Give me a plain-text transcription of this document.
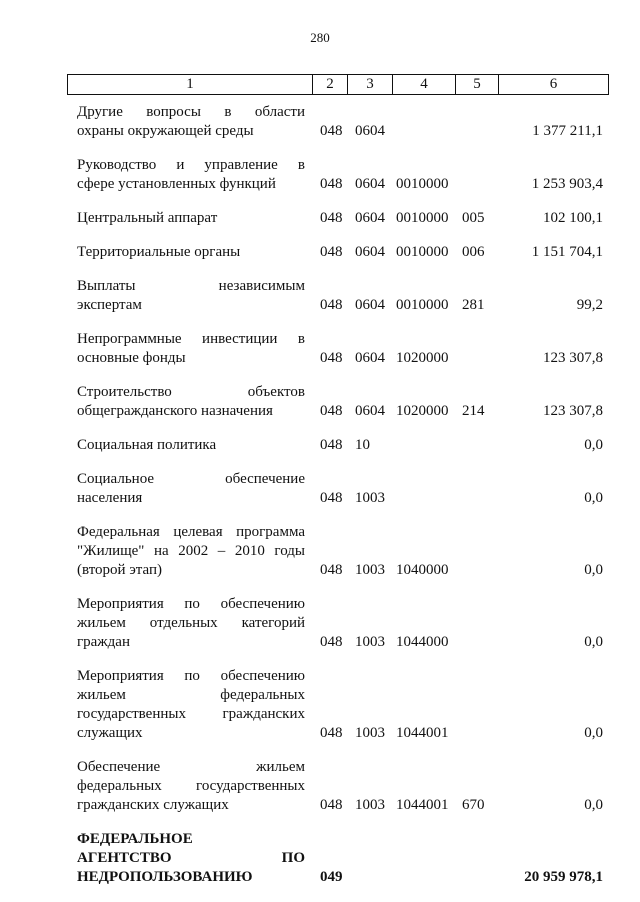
280
1	2	3	4	5	6
Другие вопросы в области
охраны окружающей среды	048 0604	1 377 211,1
Руководство и управление в
сфере установленных функций	048 0604 0010000	1 253 903,4
Центральный аппарат	048 0604 0010000 005	102 100,1
Территориальные органы	048 0604 0010000 006	1 151 704,1
Выплаты независимым
экспертам	048 0604 0010000 281	99,2
Непрограммные инвестиции в
основные фонды	048 0604 1020000	123 307,8
Строительство объектов
общегражданского назначения	048 0604 1020000 214	123 307,8
Социальная политика	048 10	0,0
Социальное обеспечение
населения	048 1003	0,0
Федеральная целевая программа
"Жилище" на 2002 – 2010 годы
(второй этап)	048 1003 1040000	0,0
Мероприятия по обеспечению
жильем отдельных категорий
граждан	048 1003 1044000	0,0
Мероприятия по обеспечению
жильем федеральных
государственных гражданских
служащих	048 1003 1044001	0,0
Обеспечение жильем
федеральных государственных
гражданских служащих	048 1003 1044001 670	0,0
ФЕДЕРАЛЬНОЕ
АГЕНТСТВО ПО
НЕДРОПОЛЬЗОВАНИЮ	049	20 959 978,1
